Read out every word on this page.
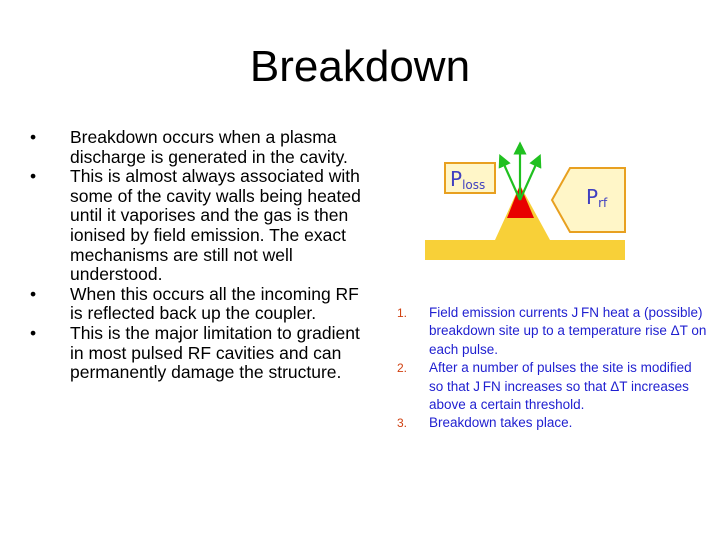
Breakdown
• Breakdown occurs when a plasma discharge is generated in the cavity.
• This is almost always associated with some of the cavity walls being heated until it vaporises and the gas is then ionised by field emission. The exact mechanisms are still not well understood.
• When this occurs all the incoming RF is reflected back up the coupler.
• This is the major limitation to gradient in most pulsed RF cavities and can permanently damage the structure.
Ploss	Prf
1. Field emission currents J FN heat a (possible) breakdown site up to a temperature rise ΔT on each pulse.
2. After a number of pulses the site is modified so that J FN increases so that ΔT increases above a certain threshold.
3. Breakdown takes place.
